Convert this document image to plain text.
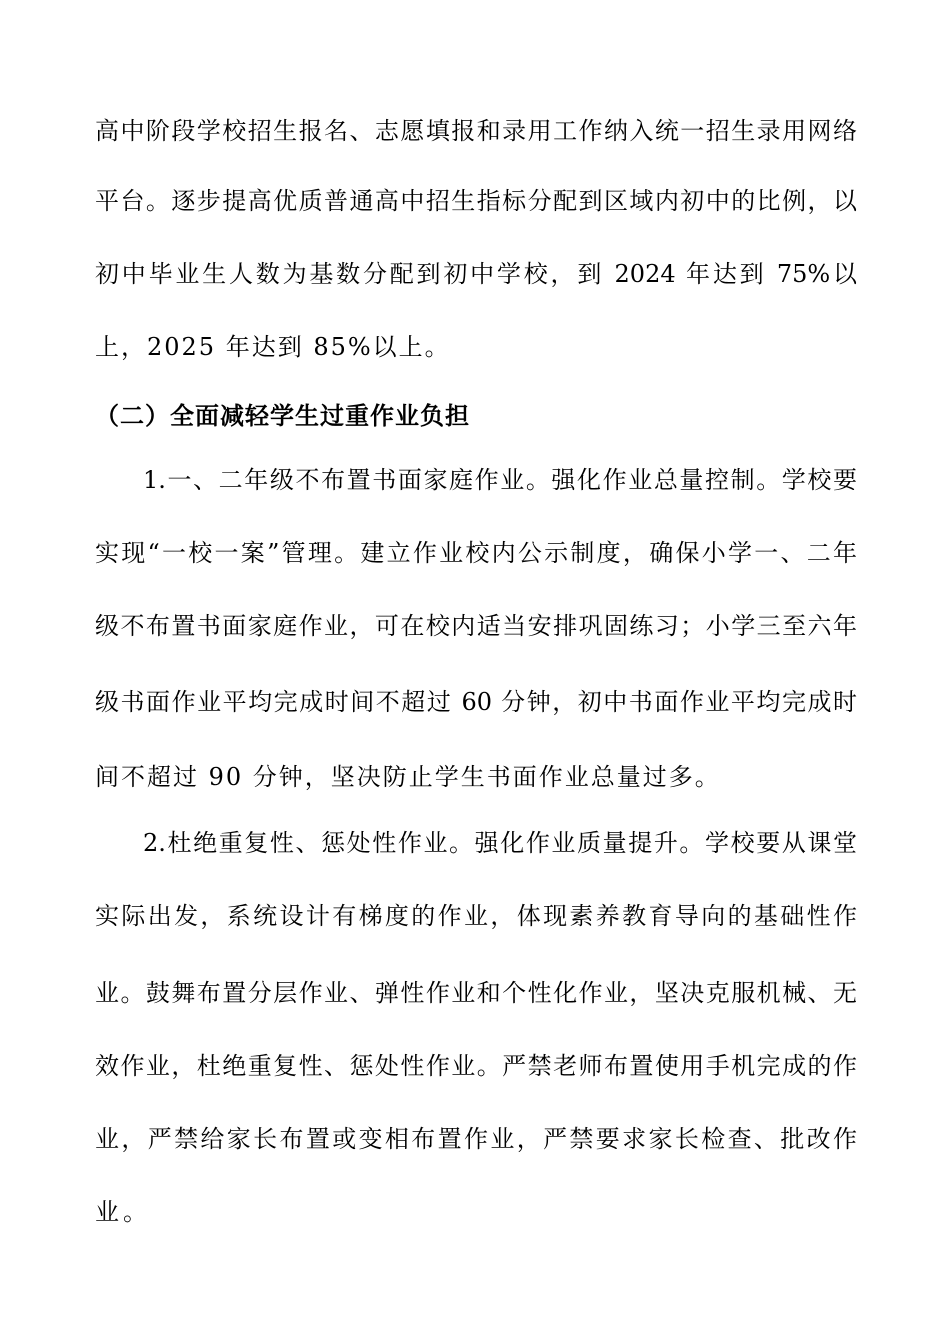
高中阶段学校招生报名、志愿填报和录用工作纳入统一招生录用网络
平台。逐步提高优质普通高中招生指标分配到区域内初中的比例，以
初中毕业生人数为基数分配到初中学校，到 2024 年达到 75%以
上，2025 年达到 85%以上。
（二）全面减轻学生过重作业负担
1.一、二年级不布置书面家庭作业。强化作业总量控制。学校要
实现“一校一案”管理。建立作业校内公示制度，确保小学一、二年
级不布置书面家庭作业，可在校内适当安排巩固练习；小学三至六年
级书面作业平均完成时间不超过 60 分钟，初中书面作业平均完成时
间不超过 90 分钟，坚决防止学生书面作业总量过多。
2.杜绝重复性、惩处性作业。强化作业质量提升。学校要从课堂
实际出发，系统设计有梯度的作业，体现素养教育导向的基础性作
业。鼓舞布置分层作业、弹性作业和个性化作业，坚决克服机械、无
效作业，杜绝重复性、惩处性作业。严禁老师布置使用手机完成的作
业，严禁给家长布置或变相布置作业，严禁要求家长检查、批改作
业。
